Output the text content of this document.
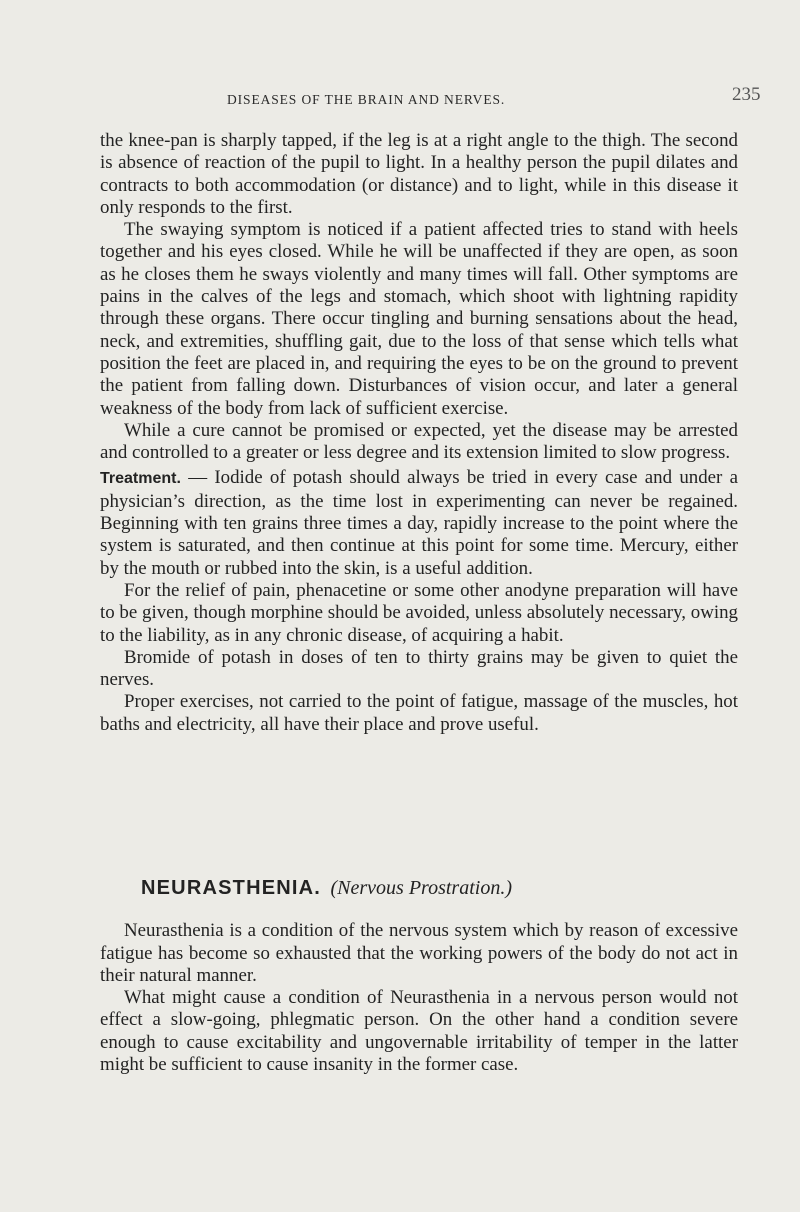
DISEASES OF THE BRAIN AND NERVES.	235

the knee-pan is sharply tapped, if the leg is at a right angle to the thigh. The second is absence of reaction of the pupil to light. In a healthy person the pupil dilates and contracts to both accommodation (or distance) and to light, while in this disease it only responds to the first.

The swaying symptom is noticed if a patient affected tries to stand with heels together and his eyes closed. While he will be unaffected if they are open, as soon as he closes them he sways violently and many times will fall. Other symptoms are pains in the calves of the legs and stomach, which shoot with lightning rapidity through these organs. There occur tingling and burning sensations about the head, neck, and extremities, shuffling gait, due to the loss of that sense which tells what position the feet are placed in, and requiring the eyes to be on the ground to prevent the patient from falling down. Disturbances of vision occur, and later a general weakness of the body from lack of sufficient exercise.

While a cure cannot be promised or expected, yet the disease may be arrested and controlled to a greater or less degree and its extension limited to slow progress.

Treatment. — Iodide of potash should always be tried in every case and under a physician’s direction, as the time lost in experimenting can never be regained. Beginning with ten grains three times a day, rapidly increase to the point where the system is saturated, and then continue at this point for some time. Mercury, either by the mouth or rubbed into the skin, is a useful addition.

For the relief of pain, phenacetine or some other anodyne preparation will have to be given, though morphine should be avoided, unless absolutely necessary, owing to the liability, as in any chronic disease, of acquiring a habit.

Bromide of potash in doses of ten to thirty grains may be given to quiet the nerves.

Proper exercises, not carried to the point of fatigue, massage of the muscles, hot baths and electricity, all have their place and prove useful.

NEURASTHENIA. (Nervous Prostration.)

Neurasthenia is a condition of the nervous system which by reason of excessive fatigue has become so exhausted that the working powers of the body do not act in their natural manner.

What might cause a condition of Neurasthenia in a nervous person would not effect a slow-going, phlegmatic person. On the other hand a condition severe enough to cause excitability and ungovernable irritability of temper in the latter might be sufficient to cause insanity in the former case.
